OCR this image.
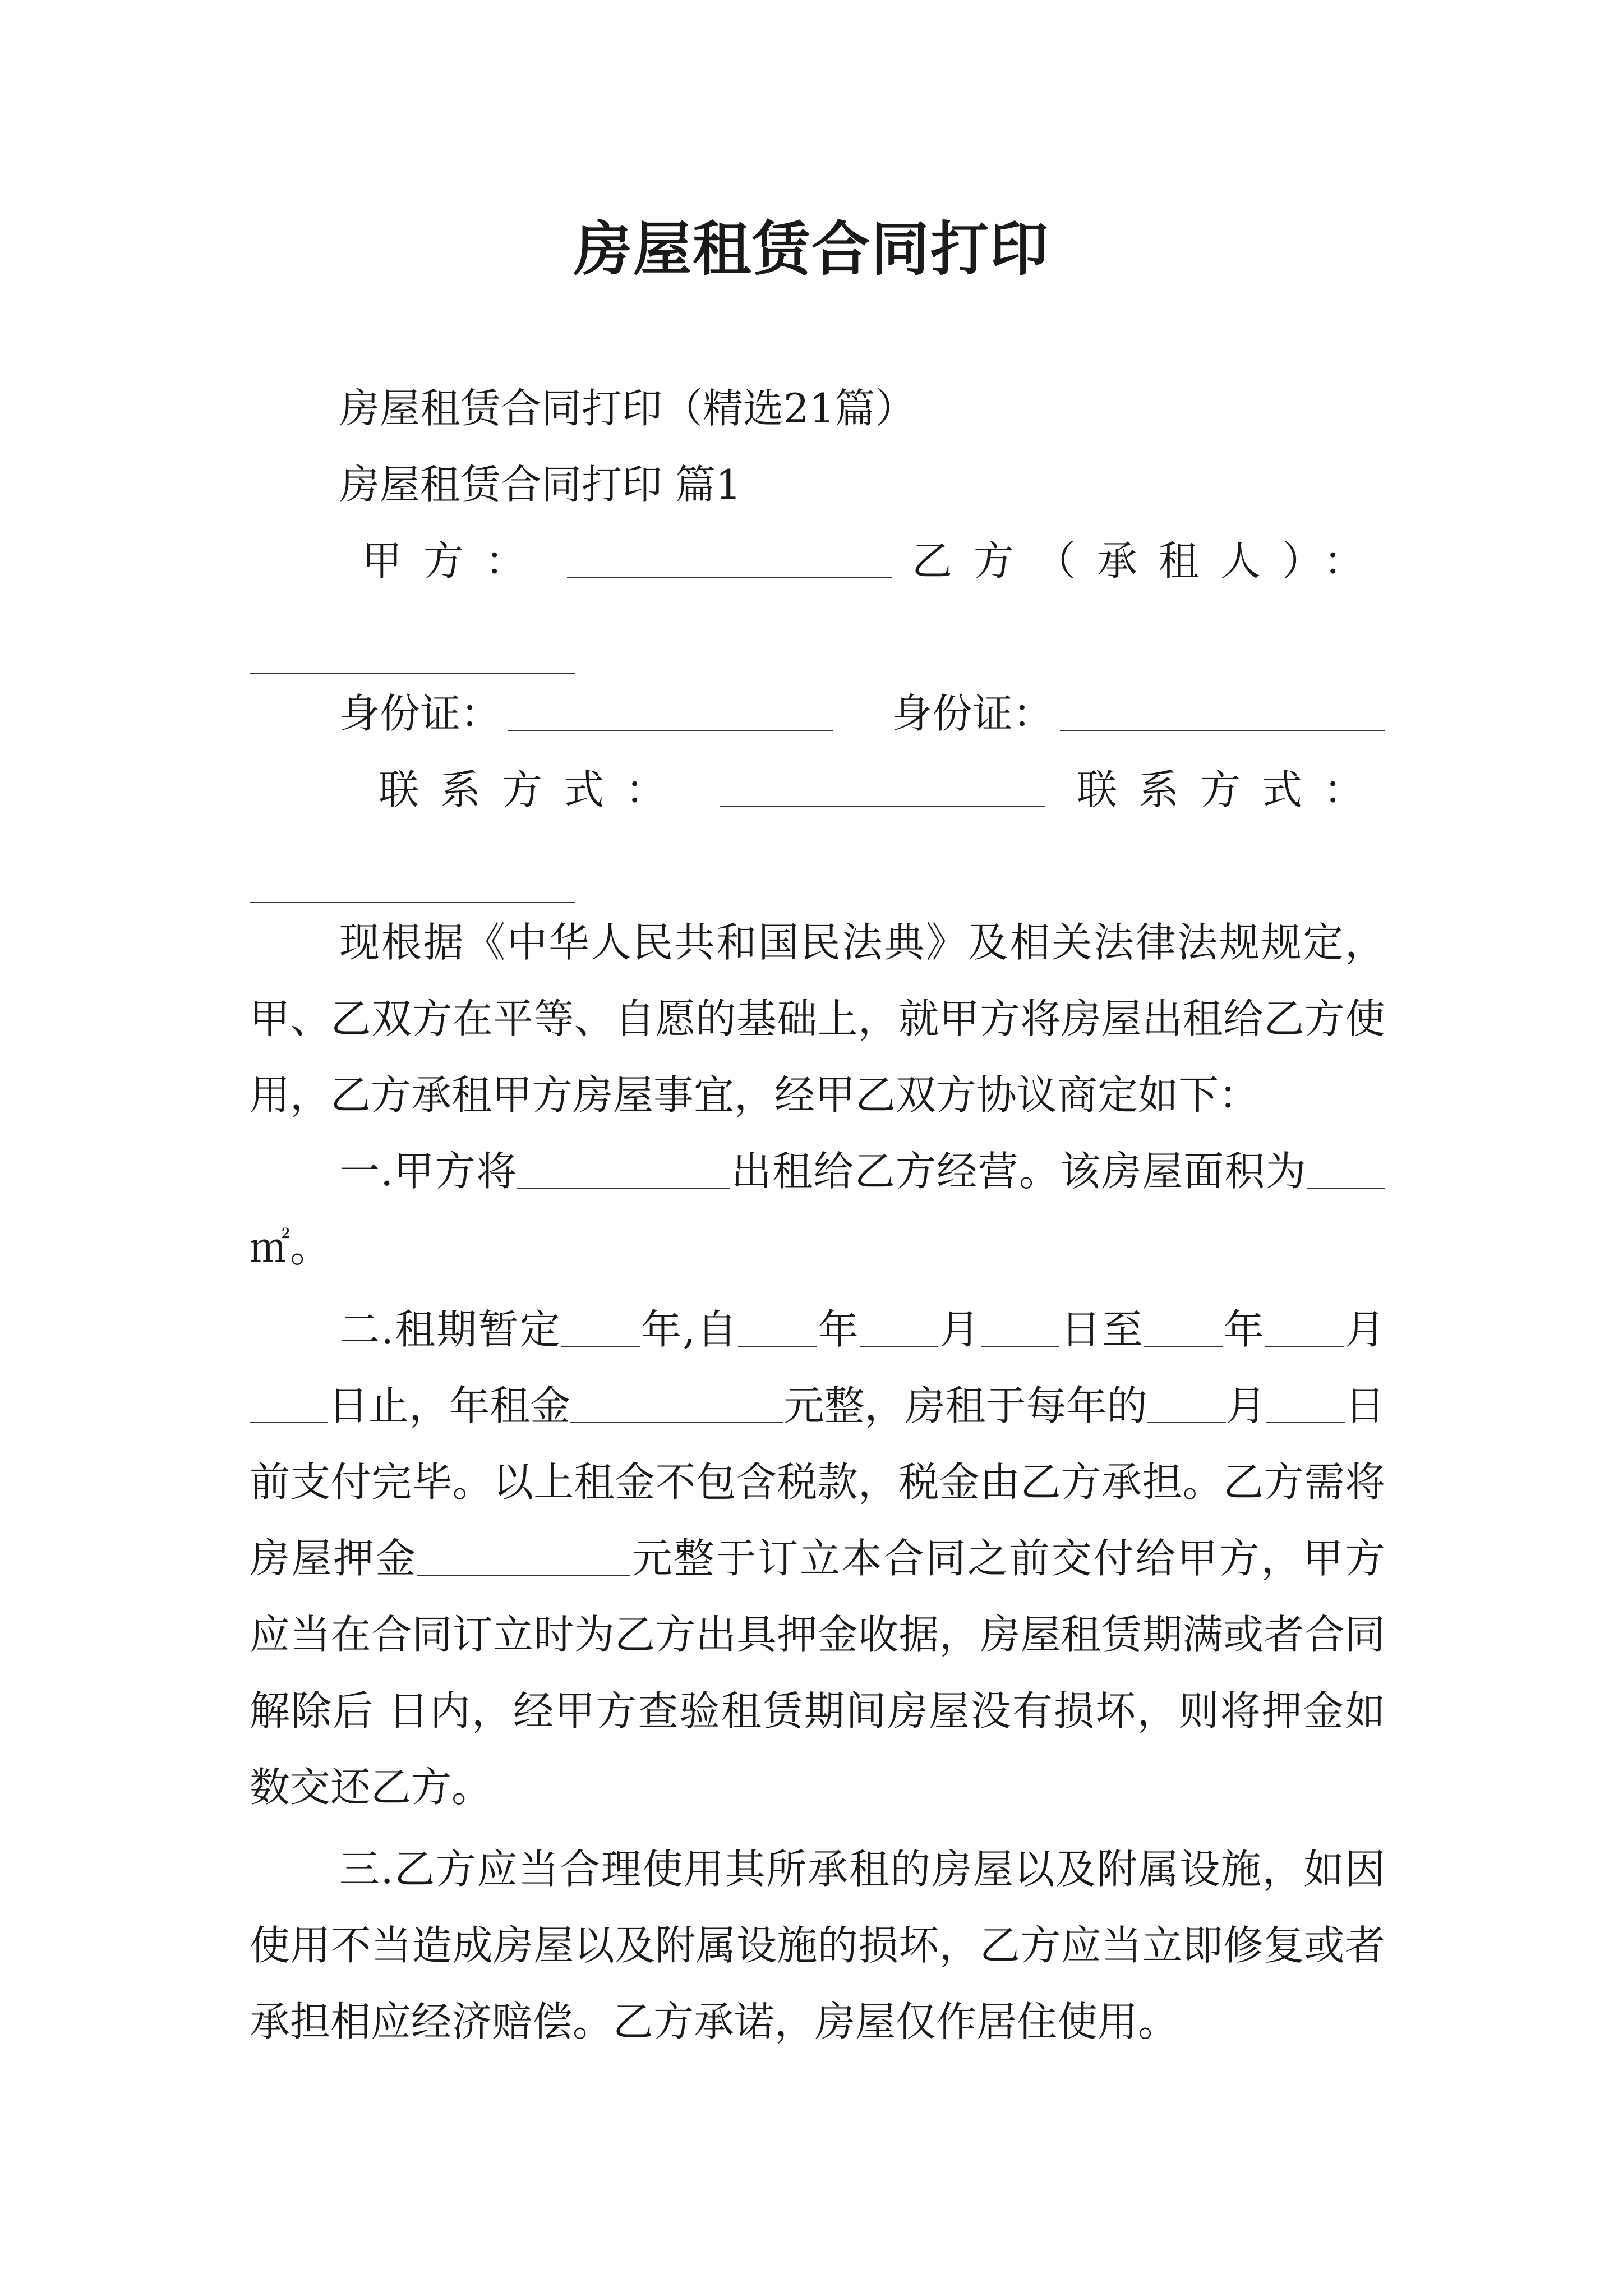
房屋租赁合同打印

房屋租赁合同打印（精选21篇）

房屋租赁合同打印 篇1

甲方：	乙方（承租人）：
身份证：	身份证：
联系方式：	联系方式：

现根据《中华人民共和国民法典》及相关法律法规规定，甲、乙双方在平等、自愿的基础上，就甲方将房屋出租给乙方使用，乙方承租甲方房屋事宜，经甲乙双方协议商定如下：

一.甲方将	出租给乙方经营。该房屋面积为㎡。

二.租期暂定 年,自 年 月 日至 年 月日止，年租金	元整，房租于每年的 月 日前支付完毕。以上租金不包含税款，税金由乙方承担。乙方需将房屋押金	元整于订立本合同之前交付给甲方，甲方应当在合同订立时为乙方出具押金收据，房屋租赁期满或者合同解除后 日内，经甲方查验租赁期间房屋没有损坏，则将押金如数交还乙方。

三.乙方应当合理使用其所承租的房屋以及附属设施，如因使用不当造成房屋以及附属设施的损坏，乙方应当立即修复或者承担相应经济赔偿。乙方承诺，房屋仅作居住使用。
